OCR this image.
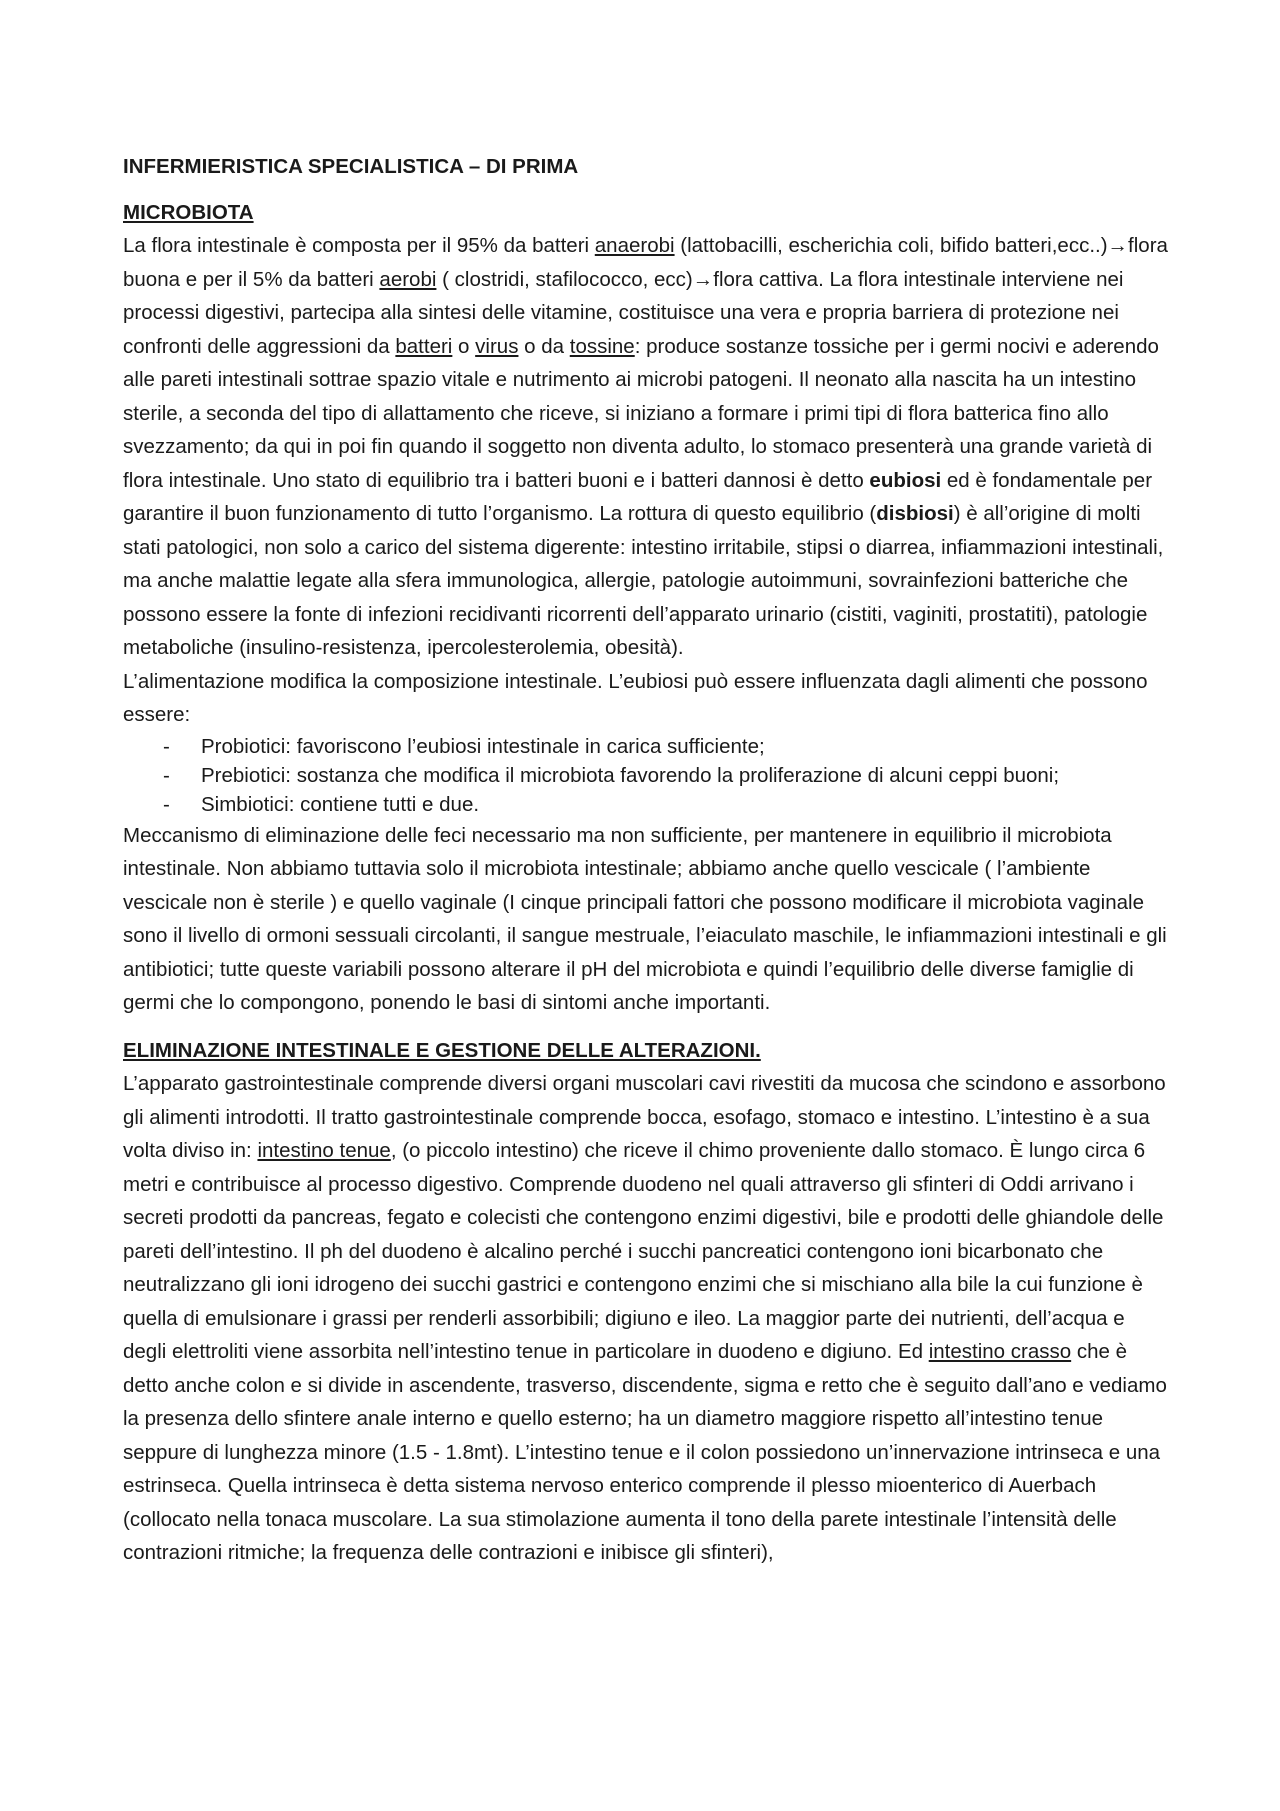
INFERMIERISTICA SPECIALISTICA – DI PRIMA
MICROBIOTA

La flora intestinale è composta per il 95% da batteri anaerobi (lattobacilli, escherichia coli, bifido batteri,ecc..)→flora buona e per il 5% da batteri aerobi ( clostridi, stafilococco, ecc)→flora cattiva. La flora intestinale interviene nei processi digestivi, partecipa alla sintesi delle vitamine, costituisce una vera e propria barriera di protezione nei confronti delle aggressioni da batteri o virus o da tossine: produce sostanze tossiche per i germi nocivi e aderendo alle pareti intestinali sottrae spazio vitale e nutrimento ai microbi patogeni. Il neonato alla nascita ha un intestino sterile, a seconda del tipo di allattamento che riceve, si iniziano a formare i primi tipi di flora batterica fino allo svezzamento; da qui in poi fin quando il soggetto non diventa adulto, lo stomaco presenterà una grande varietà di flora intestinale. Uno stato di equilibrio tra i batteri buoni e i batteri dannosi è detto eubiosi ed è fondamentale per garantire il buon funzionamento di tutto l’organismo. La rottura di questo equilibrio (disbiosi) è all’origine di molti stati patologici, non solo a carico del sistema digerente: intestino irritabile, stipsi o diarrea, infiammazioni intestinali, ma anche malattie legate alla sfera immunologica, allergie, patologie autoimmuni, sovrainfezioni batteriche che possono essere la fonte di infezioni recidivanti ricorrenti dell’apparato urinario (cistiti, vaginiti, prostatiti), patologie metaboliche (insulino-resistenza, ipercolesterolemia, obesità).

L’alimentazione modifica la composizione intestinale. L’eubiosi può essere influenzata dagli alimenti che possono essere:

- Probiotici: favoriscono l’eubiosi intestinale in carica sufficiente;
- Prebiotici: sostanza che modifica il microbiota favorendo la proliferazione di alcuni ceppi buoni;
- Simbiotici: contiene tutti e due.

Meccanismo di eliminazione delle feci necessario ma non sufficiente, per mantenere in equilibrio il microbiota intestinale. Non abbiamo tuttavia solo il microbiota intestinale; abbiamo anche quello vescicale ( l’ambiente vescicale non è sterile ) e quello vaginale (I cinque principali fattori che possono modificare il microbiota vaginale sono il livello di ormoni sessuali circolanti, il sangue mestruale, l’eiaculato maschile, le infiammazioni intestinali e gli antibiotici; tutte queste variabili possono alterare il pH del microbiota e quindi l’equilibrio delle diverse famiglie di germi che lo compongono, ponendo le basi di sintomi anche importanti.

ELIMINAZIONE INTESTINALE E GESTIONE DELLE ALTERAZIONI.

L’apparato gastrointestinale comprende diversi organi muscolari cavi rivestiti da mucosa che scindono e assorbono gli alimenti introdotti. Il tratto gastrointestinale comprende bocca, esofago, stomaco e intestino. L’intestino è a sua volta diviso in: intestino tenue, (o piccolo intestino) che riceve il chimo proveniente dallo stomaco. È lungo circa 6 metri e contribuisce al processo digestivo. Comprende duodeno nel quali attraverso gli sfinteri di Oddi arrivano i secreti prodotti da pancreas, fegato e colecisti che contengono enzimi digestivi, bile e prodotti delle ghiandole delle pareti dell’intestino. Il ph del duodeno è alcalino perché i succhi pancreatici contengono ioni bicarbonato che neutralizzano gli ioni idrogeno dei succhi gastrici e contengono enzimi che si mischiano alla bile la cui funzione è quella di emulsionare i grassi per renderli assorbibili; digiuno e ileo. La maggior parte dei nutrienti, dell’acqua e degli elettroliti viene assorbita nell’intestino tenue in particolare in duodeno e digiuno. Ed intestino crasso che è detto anche colon e si divide in ascendente, trasverso, discendente, sigma e retto che è seguito dall’ano e vediamo la presenza dello sfintere anale interno e quello esterno; ha un diametro maggiore rispetto all’intestino tenue seppure di lunghezza minore (1.5 - 1.8mt). L’intestino tenue e il colon possiedono un’innervazione intrinseca e una estrinseca. Quella intrinseca è detta sistema nervoso enterico comprende il plesso mioenterico di Auerbach (collocato nella tonaca muscolare. La sua stimolazione aumenta il tono della parete intestinale l’intensità delle contrazioni ritmiche; la frequenza delle contrazioni e inibisce gli sfinteri),
